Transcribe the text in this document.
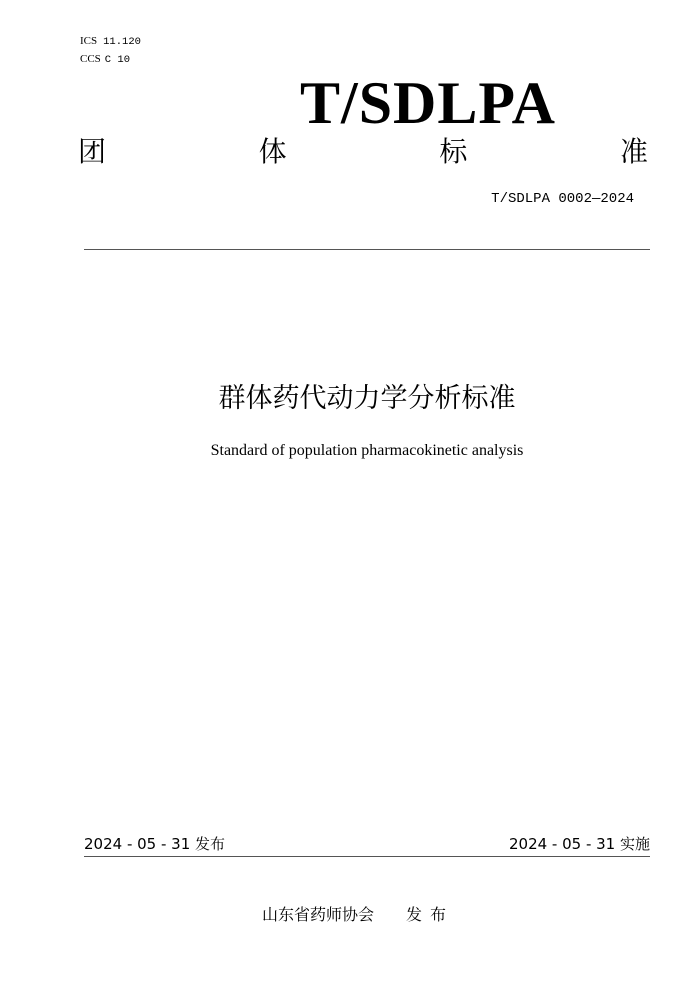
ICS 11.120
CCS C 10
T/SDLPA
团	体	标	准
T/SDLPA 0002—2024
群体药代动力学分析标准
Standard of population pharmacokinetic analysis
2024 - 05 - 31 发布	2024 - 05 - 31 实施
山东省药师协会 发布
